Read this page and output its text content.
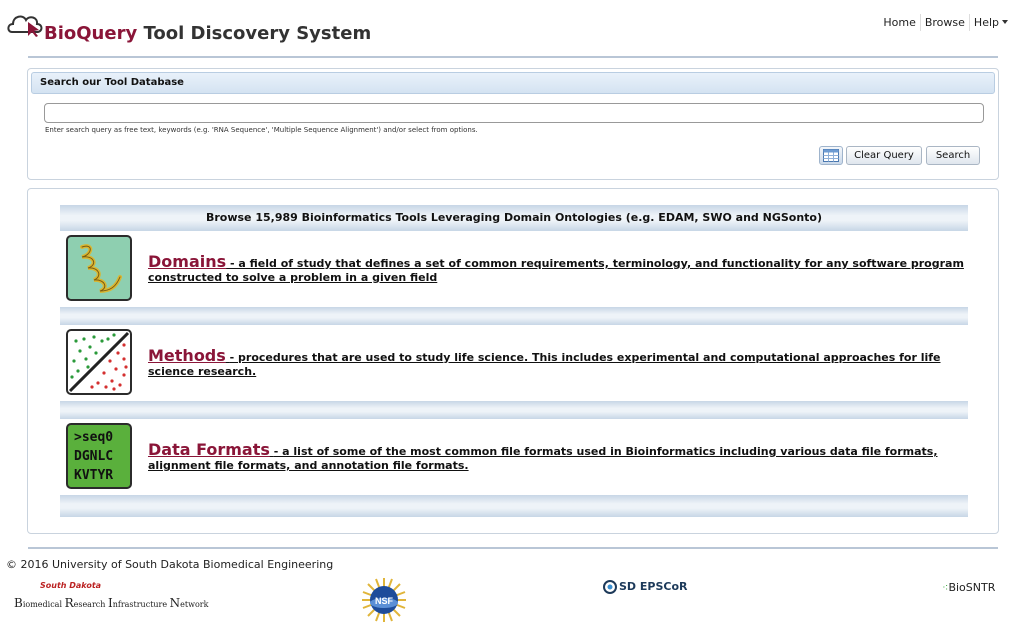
BioQuery Tool Discovery System
Home Browse Help
Search our Tool Database
Enter search query as free text, keywords (e.g. 'RNA Sequence', 'Multiple Sequence Alignment') and/or select from options.
Clear Query	Search
Browse 15,989 Bioinformatics Tools Leveraging Domain Ontologies (e.g. EDAM, SWO and NGSonto)
Domains - a field of study that defines a set of common requirements, terminology, and functionality for any software program constructed to solve a problem in a given field
Methods - procedures that are used to study life science. This includes experimental and computational approaches for life science research.
>seq0
DGNLC
KVTYR
Data Formats - a list of some of the most common file formats used in Bioinformatics including various data file formats, alignment file formats, and annotation file formats.
© 2016 University of South Dakota Biomedical Engineering
South Dakota
Biomedical Research Infrastructure Network	NSF
SD EPSCoR	⁖BioSNTR
